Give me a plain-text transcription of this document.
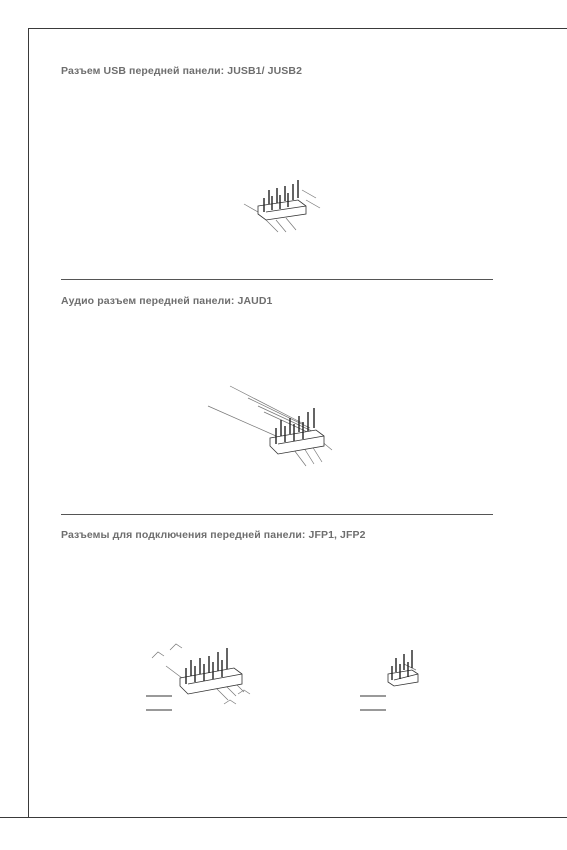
Разъем USB передней панели: JUSB1/ JUSB2
Аудио разъем передней панели: JAUD1
Разъемы для подключения передней панели: JFP1, JFP2
